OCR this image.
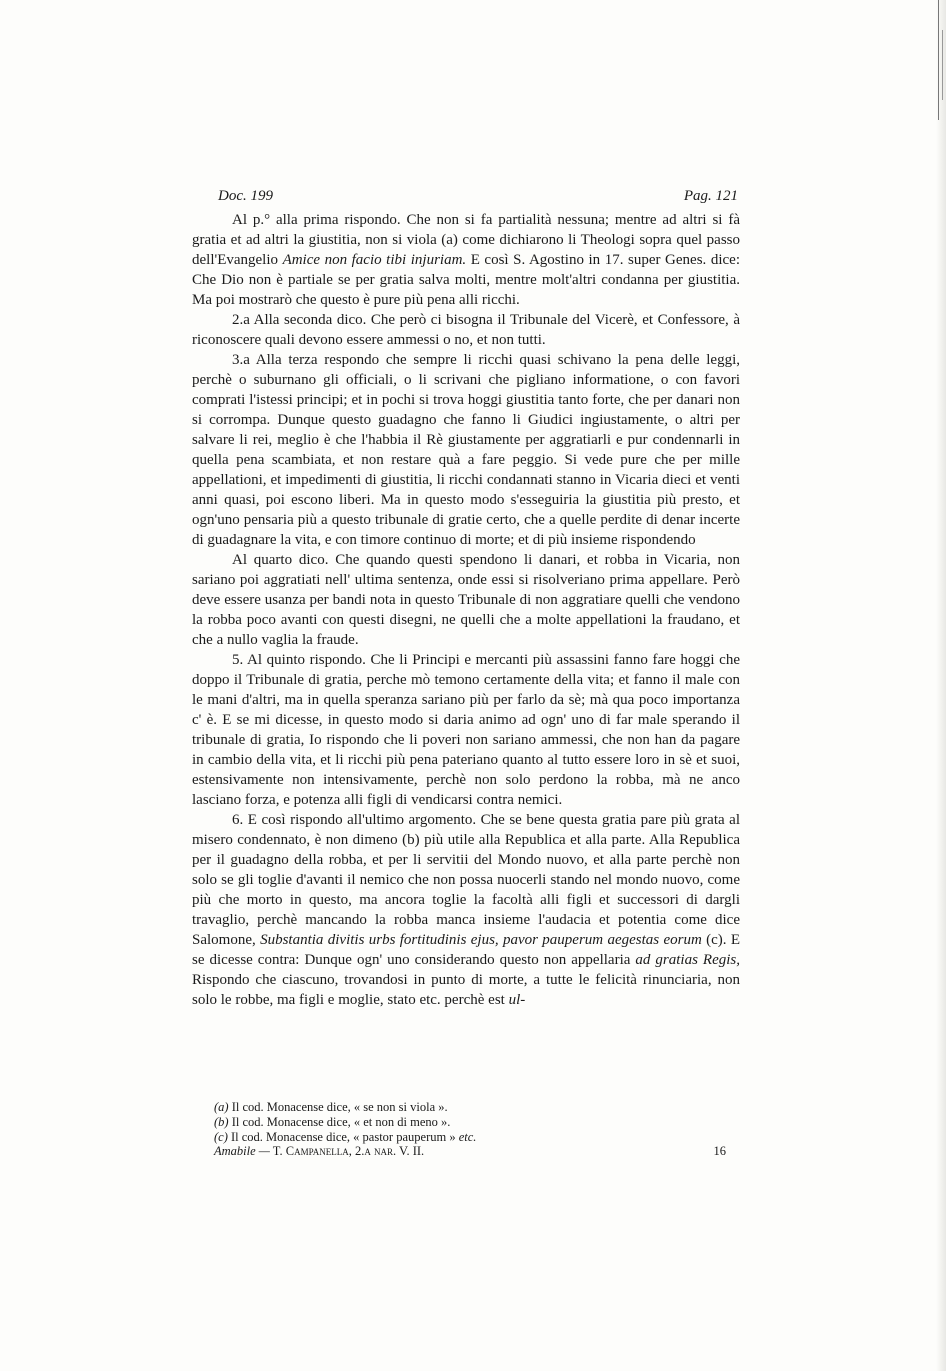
Doc. 199	Pag. 121

Al p.° alla prima rispondo. Che non si fa partialità nessuna; mentre ad altri si fà gratia et ad altri la giustitia, non si viola (a) come dichiarono li Theologi sopra quel passo dell'Evangelio Amice non facio tibi injuriam. E così S. Agostino in 17. super Genes. dice: Che Dio non è partiale se per gratia salva molti, mentre molt'altri condanna per giustitia. Ma poi mostrarò che questo è pure più pena alli ricchi.

2.a Alla seconda dico. Che però ci bisogna il Tribunale del Vicerè, et Confessore, à riconoscere quali devono essere ammessi o no, et non tutti.

3.a Alla terza respondo che sempre li ricchi quasi schivano la pena delle leggi, perchè o suburnano gli officiali, o li scrivani che pigliano informatione, o con favori comprati l'istessi principi; et in pochi si trova hoggi giustitia tanto forte, che per danari non si corrompa. Dunque questo guadagno che fanno li Giudici ingiustamente, o altri per salvare li rei, meglio è che l'habbia il Rè giustamente per aggratiarli e pur condennarli in quella pena scambiata, et non restare quà a fare peggio. Si vede pure che per mille appellationi, et impedimenti di giustitia, li ricchi condannati stanno in Vicaria dieci et venti anni quasi, poi escono liberi. Ma in questo modo s'esseguiria la giustitia più presto, et ogn'uno pensaria più a questo tribunale di gratie certo, che a quelle perdite di denar incerte di guadagnare la vita, e con timore continuo di morte; et di più insieme rispondendo

Al quarto dico. Che quando questi spendono li danari, et robba in Vicaria, non sariano poi aggratiati nell' ultima sentenza, onde essi si risolveriano prima appellare. Però deve essere usanza per bandi nota in questo Tribunale di non aggratiare quelli che vendono la robba poco avanti con questi disegni, ne quelli che a molte appellationi la fraudano, et che a nullo vaglia la fraude.

5. Al quinto rispondo. Che li Principi e mercanti più assassini fanno fare hoggi che doppo il Tribunale di gratia, perche mò temono certamente della vita; et fanno il male con le mani d'altri, ma in quella speranza sariano più per farlo da sè; mà qua poco importanza c' è. E se mi dicesse, in questo modo si daria animo ad ogn' uno di far male sperando il tribunale di gratia, Io rispondo che li poveri non sariano ammessi, che non han da pagare in cambio della vita, et li ricchi più pena pateriano quanto al tutto essere loro in sè et suoi, estensivamente non intensivamente, perchè non solo perdono la robba, mà ne anco lasciano forza, e potenza alli figli di vendicarsi contra nemici.

6. E così rispondo all'ultimo argomento. Che se bene questa gratia pare più grata al misero condennato, è non dimeno (b) più utile alla Republica et alla parte. Alla Republica per il guadagno della robba, et per li servitii del Mondo nuovo, et alla parte perchè non solo se gli toglie d'avanti il nemico che non possa nuocerli stando nel mondo nuovo, come più che morto in questo, ma ancora toglie la facoltà alli figli et successori di dargli travaglio, perchè mancando la robba manca insieme l'audacia et potentia come dice Salomone, Substantia divitis urbs fortitudinis ejus, pavor pauperum aegestas eorum (c). E se dicesse contra: Dunque ogn' uno considerando questo non appellaria ad gratias Regis, Rispondo che ciascuno, trovandosi in punto di morte, a tutte le felicità rinunciaria, non solo le robbe, ma figli e moglie, stato etc. perchè est ul-

(a) Il cod. Monacense dice, « se non si viola ».

(b) Il cod. Monacense dice, « et non di meno ».

(c) Il cod. Monacense dice, « pastor pauperum » etc.

Amabile — T. Campanella, 2.a nar. V. II.	16
